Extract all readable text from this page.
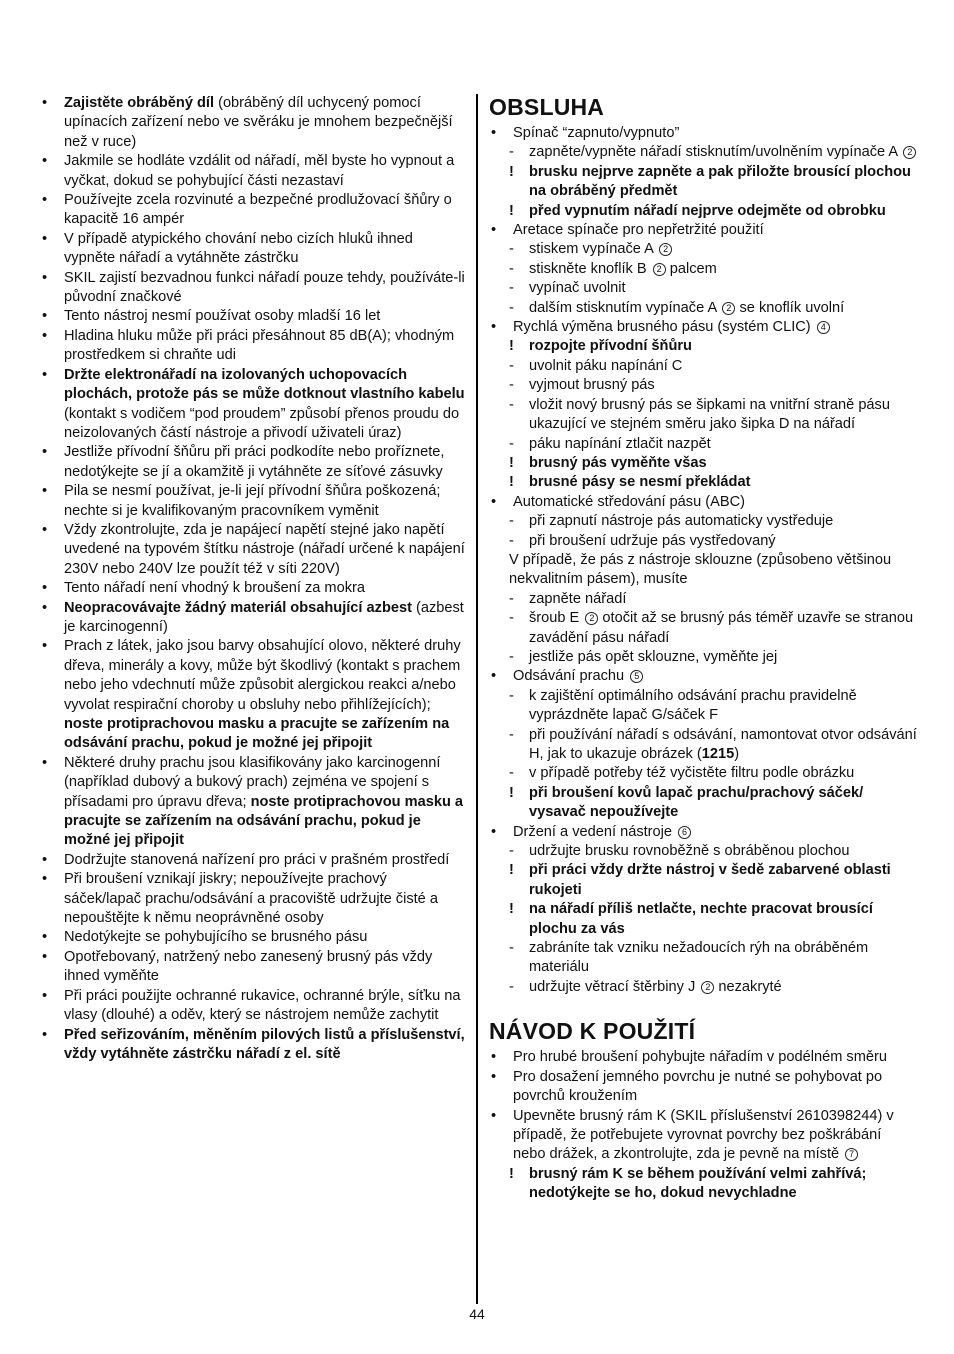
• Zajistěte obráběný díl (obráběný díl uchycený pomocí upínacích zařízení nebo ve svěráku je mnohem bezpečnější než v ruce)
• Jakmile se hodláte vzdálit od nářadí, měl byste ho vypnout a vyčkat, dokud se pohybující části nezastaví
• Používejte zcela rozvinuté a bezpečné prodlužovací šňůry o kapacitě 16 ampér
• V případě atypického chování nebo cizích hluků ihned vypněte nářadí a vytáhněte zástrčku
• SKIL zajistí bezvadnou funkci nářadí pouze tehdy, používáte-li původní značkové
• Tento nástroj nesmí používat osoby mladší 16 let
• Hladina hluku může při práci přesáhnout 85 dB(A); vhodným prostředkem si chraňte udi
• Držte elektronářadí na izolovaných uchopovacích plochách, protože pás se může dotknout vlastního kabelu (kontakt s vodičem “pod proudem” způsobí přenos proudu do neizolovaných částí nástroje a přivodí uživateli úraz)
• Jestliže přívodní šňůru při práci podkodíte nebo proříznete, nedotýkejte se jí a okamžitě ji vytáhněte ze síťové zásuvky
• Pila se nesmí používat, je-li její přívodní šňůra poškozená; nechte si je kvalifikovaným pracovníkem vyměnit
• Vždy zkontrolujte, zda je napájecí napětí stejné jako napětí uvedené na typovém štítku nástroje (nářadí určené k napájení 230V nebo 240V lze použít též v síti 220V)
• Tento nářadí není vhodný k broušení za mokra
• Neopracovávajte žádný materiál obsahující azbest (azbest je karcinogenní)
• Prach z látek, jako jsou barvy obsahující olovo, některé druhy dřeva, minerály a kovy, může být škodlivý (kontakt s prachem nebo jeho vdechnutí může způsobit alergickou reakci a/nebo vyvolat respirační choroby u obsluhy nebo přihlížejících); noste protiprachovou masku a pracujte se zařízením na odsávání prachu, pokud je možné jej připojit
• Některé druhy prachu jsou klasifikovány jako karcinogenní (například dubový a bukový prach) zejména ve spojení s přísadami pro úpravu dřeva; noste protiprachovou masku a pracujte se zařízením na odsávání prachu, pokud je možné jej připojit
• Dodržujte stanovená nařízení pro práci v prašném prostředí
• Při broušení vznikají jiskry; nepoužívejte prachový sáček/lapač prachu/odsávání a pracoviště udržujte čisté a nepouštějte k němu neoprávněné osoby
• Nedotýkejte se pohybujícího se brusného pásu
• Opotřebovaný, natržený nebo zanesený brusný pás vždy ihned vyměňte
• Při práci použijte ochranné rukavice, ochranné brýle, síťku na vlasy (dlouhé) a oděv, který se nástrojem nemůže zachytit
• Před seřizováním, měněním pilových listů a příslušenství, vždy vytáhněte zástrčku nářadí z el. sítě
OBSLUHA
• Spínač “zapnuto/vypnuto”
- zapněte/vypněte nářadí stisknutím/uvolněním vypínače A 2
! brusku nejprve zapněte a pak přiložte brousící plochou na obráběný předmět
! před vypnutím nářadí nejprve odejměte od obrobku
• Aretace spínače pro nepřetržité použití
- stiskem vypínače A 2
- stiskněte knoflík B 2 palcem
- vypínač uvolnit
- dalším stisknutím vypínače A 2 se knoflík uvolní
• Rychlá výměna brusného pásu (systém CLIC) 4
! rozpojte přívodní šňůru
- uvolnit páku napínání C
- vyjmout brusný pás
- vložit nový brusný pás se šipkami na vnitřní straně pásu ukazující ve stejném směru jako šipka D na nářadí
- páku napínání ztlačit nazpět
! brusný pás vyměňte všas
! brusné pásy se nesmí překládat
• Automatické středování pásu (ABC)
- při zapnutí nástroje pás automaticky vystředuje
- při broušení udržuje pás vystředovaný
V případě, že pás z nástroje sklouzne (způsobeno většinou nekvalitním pásem), musíte
- zapněte nářadí
- šroub E 2 otočit až se brusný pás téměř uzavře se stranou zavádění pásu nářadí
- jestliže pás opět sklouzne, vyměňte jej
• Odsávání prachu 5
- k zajištění optimálního odsávání prachu pravidelně vyprázdněte lapač G/sáček F
- při používání nářadí s odsávání, namontovat otvor odsávání H, jak to ukazuje obrázek (1215)
- v případě potřeby též vyčistěte filtru podle obrázku
! při broušení kovů lapač prachu/prachový sáček/ vysavač nepoužívejte
• Držení a vedení nástroje 6
- udržujte brusku rovnoběžně s obráběnou plochou
! při práci vždy držte nástroj v šedě zabarvené oblasti rukojeti
! na nářadí příliš netlačte, nechte pracovat brousící plochu za vás
- zabráníte tak vzniku nežadoucích rýh na obráběném materiálu
- udržujte větrací štěrbiny J 2 nezakryté
NÁVOD K POUŽITÍ
• Pro hrubé broušení pohybujte nářadím v podélném směru
• Pro dosažení jemného povrchu je nutné se pohybovat po povrchů kroužením
• Upevněte brusný rám K (SKIL příslušenství 2610398244) v případě, že potřebujete vyrovnat povrchy bez poškrábání nebo drážek, a zkontrolujte, zda je pevně na místě 7
! brusný rám K se během používání velmi zahřívá; nedotýkejte se ho, dokud nevychladne
44
